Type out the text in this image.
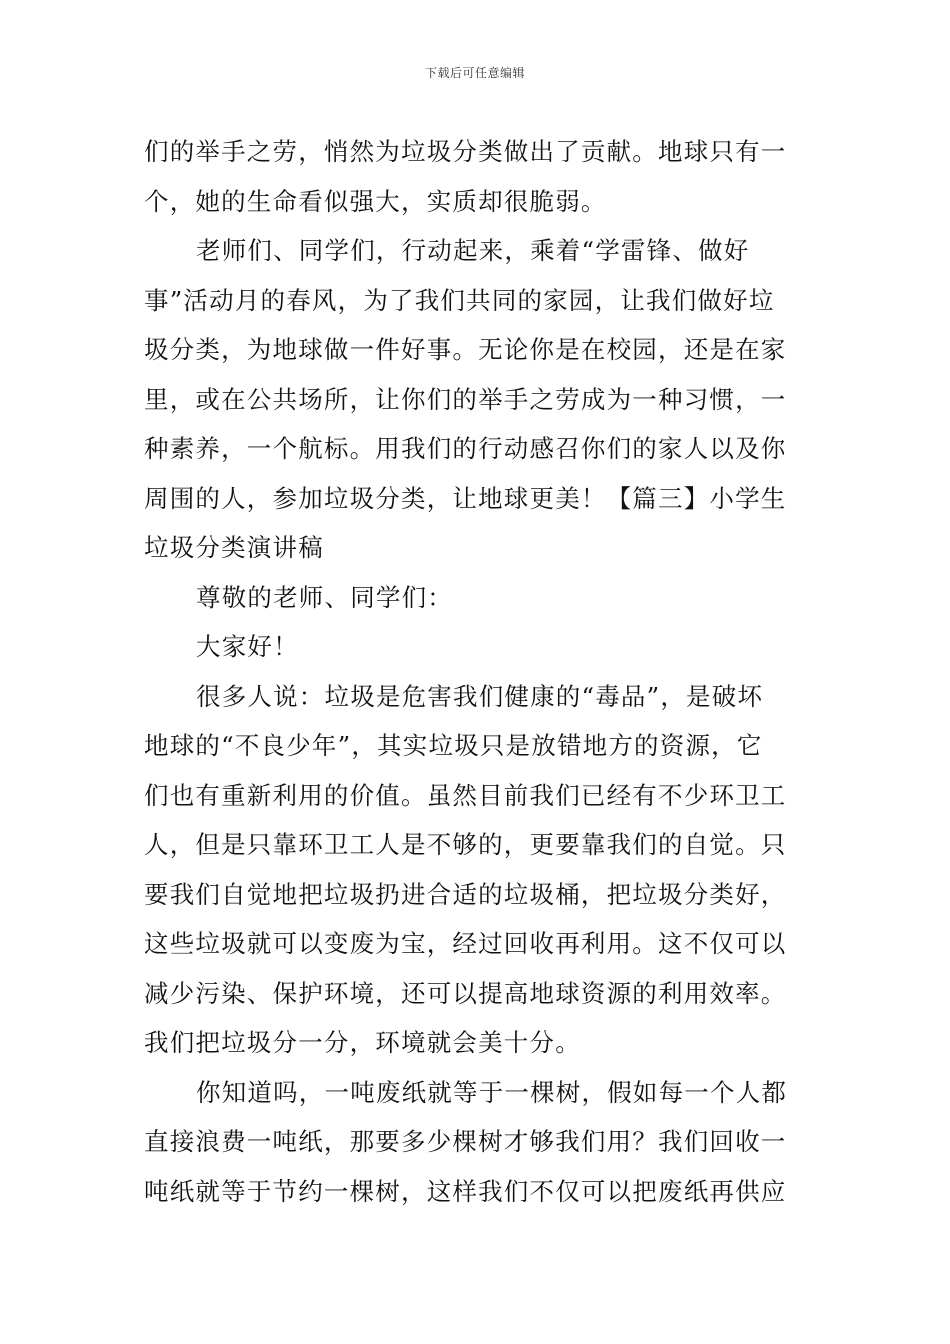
下载后可任意编辑
们的举手之劳，悄然为垃圾分类做出了贡献。地球只有一
个，她的生命看似强大，实质却很脆弱。
老师们、同学们，行动起来，乘着“学雷锋、做好
事”活动月的春风，为了我们共同的家园，让我们做好垃
圾分类，为地球做一件好事。无论你是在校园，还是在家
里，或在公共场所，让你们的举手之劳成为一种习惯，一
种素养，一个航标。用我们的行动感召你们的家人以及你
周围的人，参加垃圾分类，让地球更美！【篇三】小学生
垃圾分类演讲稿
尊敬的老师、同学们：
大家好！
很多人说：垃圾是危害我们健康的“毒品”，是破坏
地球的“不良少年”，其实垃圾只是放错地方的资源，它
们也有重新利用的价值。虽然目前我们已经有不少环卫工
人，但是只靠环卫工人是不够的，更要靠我们的自觉。只
要我们自觉地把垃圾扔进合适的垃圾桶，把垃圾分类好，
这些垃圾就可以变废为宝，经过回收再利用。这不仅可以
减少污染、保护环境，还可以提高地球资源的利用效率。
我们把垃圾分一分，环境就会美十分。
你知道吗，一吨废纸就等于一棵树，假如每一个人都
直接浪费一吨纸，那要多少棵树才够我们用？我们回收一
吨纸就等于节约一棵树，这样我们不仅可以把废纸再供应
